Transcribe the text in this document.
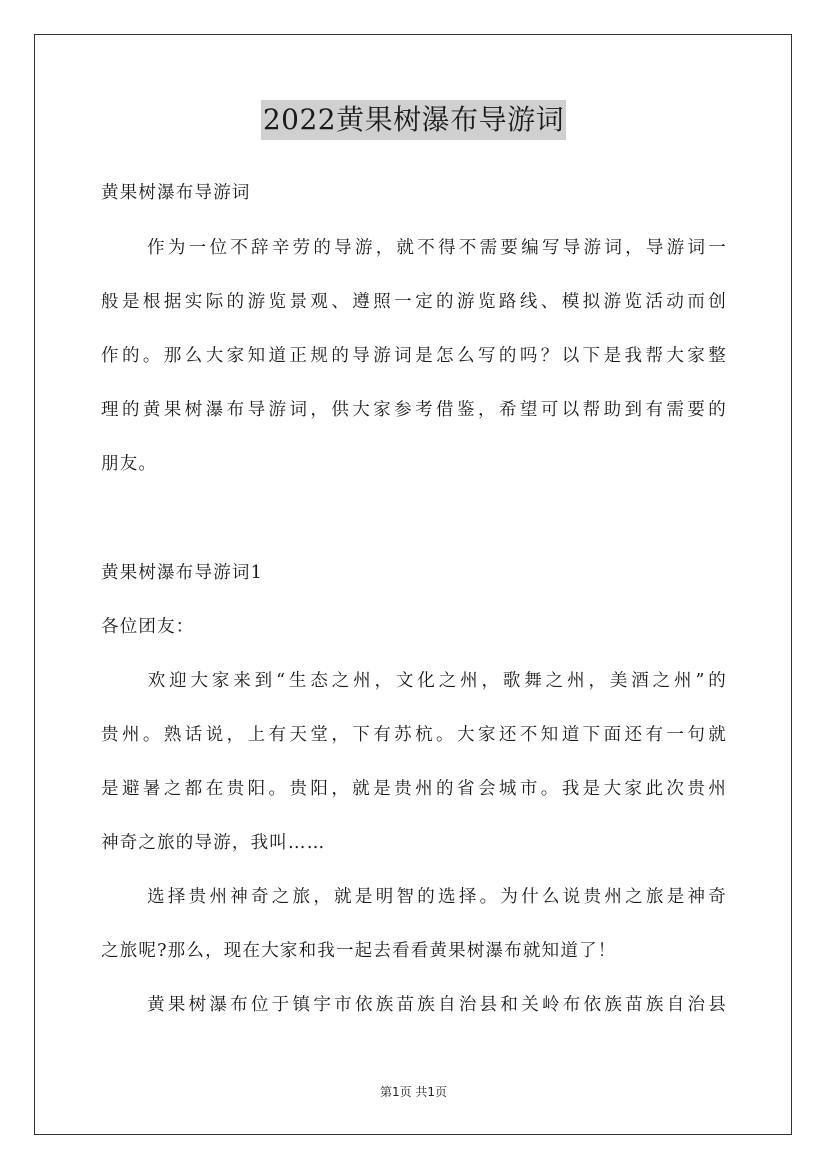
2022黄果树瀑布导游词
黄果树瀑布导游词
作为一位不辞辛劳的导游，就不得不需要编写导游词，导游词一
般是根据实际的游览景观、遵照一定的游览路线、模拟游览活动而创
作的。那么大家知道正规的导游词是怎么写的吗？以下是我帮大家整
理的黄果树瀑布导游词，供大家参考借鉴，希望可以帮助到有需要的
朋友。
黄果树瀑布导游词1
各位团友：
欢迎大家来到“生态之州，文化之州，歌舞之州，美酒之州”的
贵州。熟话说，上有天堂，下有苏杭。大家还不知道下面还有一句就
是避暑之都在贵阳。贵阳，就是贵州的省会城市。我是大家此次贵州
神奇之旅的导游，我叫……
选择贵州神奇之旅，就是明智的选择。为什么说贵州之旅是神奇
之旅呢?那么，现在大家和我一起去看看黄果树瀑布就知道了！
黄果树瀑布位于镇宇市依族苗族自治县和关岭布依族苗族自治县
第1页 共1页
